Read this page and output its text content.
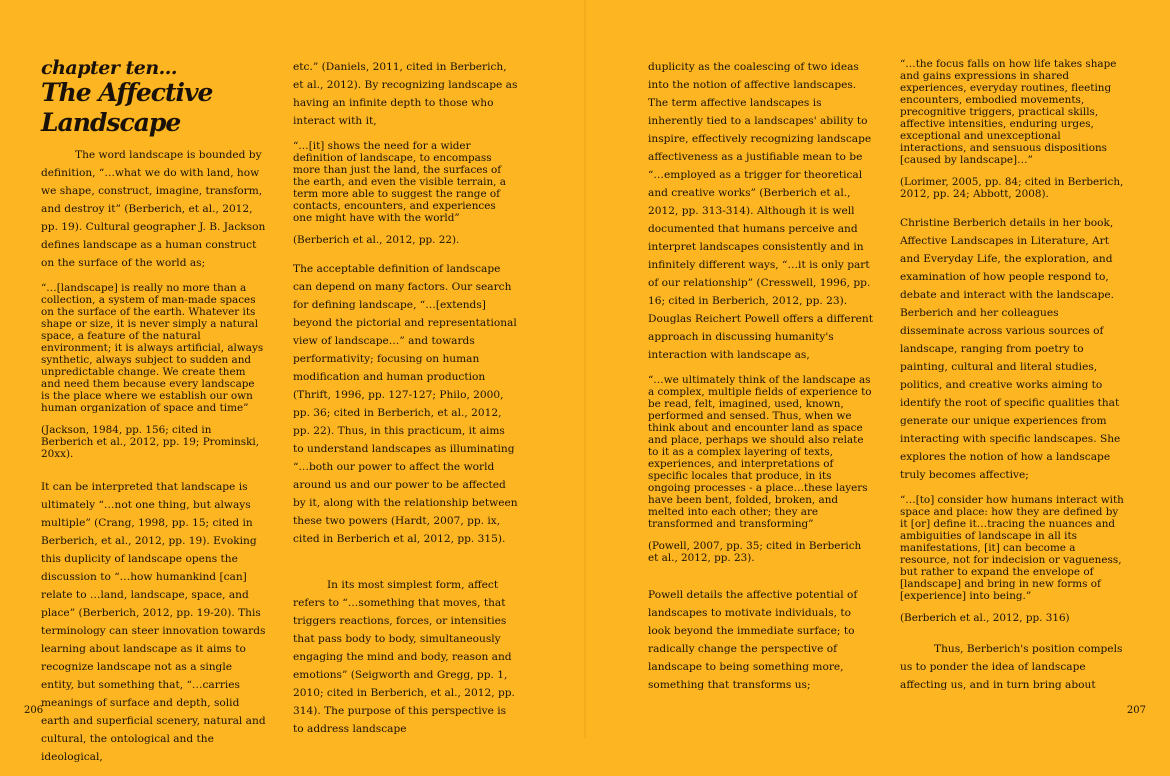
chapter ten...
The Affective Landscape

The word landscape is bounded by definition, “…what we do with land, how we shape, construct, imagine, transform, and destroy it” (Berberich, et al., 2012, pp. 19). Cultural geographer J. B. Jackson defines landscape as a human construct on the surface of the world as;

“…[landscape] is really no more than a collection, a system of man-made spaces on the surface of the earth. Whatever its shape or size, it is never simply a natural space, a feature of the natural environment; it is always artificial, always synthetic, always subject to sudden and unpredictable change. We create them and need them because every landscape is the place where we establish our own human organization of space and time”

(Jackson, 1984, pp. 156; cited in Berberich et al., 2012, pp. 19; Prominski, 20xx).

It can be interpreted that landscape is ultimately “…not one thing, but always multiple” (Crang, 1998, pp. 15; cited in Berberich, et al., 2012, pp. 19). Evoking this duplicity of landscape opens the discussion to “…how humankind [can] relate to …land, landscape, space, and place” (Berberich, 2012, pp. 19-20). This terminology can steer innovation towards learning about landscape as it aims to recognize landscape not as a single entity, but something that, “…carries meanings of surface and depth, solid earth and superficial scenery, natural and cultural, the ontological and the ideological,

etc.” (Daniels, 2011, cited in Berberich, et al., 2012). By recognizing landscape as having an infinite depth to those who interact with it,

“…[it] shows the need for a wider definition of landscape, to encompass more than just the land, the surfaces of the earth, and even the visible terrain, a term more able to suggest the range of contacts, encounters, and experiences one might have with the world”

(Berberich et al., 2012, pp. 22).

The acceptable definition of landscape can depend on many factors. Our search for defining landscape, “…[extends] beyond the pictorial and representational view of landscape…” and towards performativity; focusing on human modification and human production (Thrift, 1996, pp. 127-127; Philo, 2000, pp. 36; cited in Berberich, et al., 2012, pp. 22). Thus, in this practicum, it aims to understand landscapes as illuminating “…both our power to affect the world around us and our power to be affected by it, along with the relationship between these two powers (Hardt, 2007, pp. ix, cited in Berberich et al, 2012, pp. 315).

In its most simplest form, affect refers to “…something that moves, that triggers reactions, forces, or intensities that pass body to body, simultaneously engaging the mind and body, reason and emotions” (Seigworth and Gregg, pp. 1, 2010; cited in Berberich, et al., 2012, pp. 314). The purpose of this perspective is to address landscape

206

duplicity as the coalescing of two ideas into the notion of affective landscapes. The term affective landscapes is inherently tied to a landscapes' ability to inspire, effectively recognizing landscape affectiveness as a justifiable mean to be “…employed as a trigger for theoretical and creative works” (Berberich et al., 2012, pp. 313-314). Although it is well documented that humans perceive and interpret landscapes consistently and in infinitely different ways, “…it is only part of our relationship” (Cresswell, 1996, pp. 16; cited in Berberich, 2012, pp. 23). Douglas Reichert Powell offers a different approach in discussing humanity's interaction with landscape as,

“…we ultimately think of the landscape as a complex, multiple fields of experience to be read, felt, imagined, used, known, performed and sensed. Thus, when we think about and encounter land as space and place, perhaps we should also relate to it as a complex layering of texts, experiences, and interpretations of specific locales that produce, in its ongoing processes - a place…these layers have been bent, folded, broken, and melted into each other; they are transformed and transforming”

(Powell, 2007, pp. 35; cited in Berberich et al., 2012, pp. 23).

Powell details the affective potential of landscapes to motivate individuals, to look beyond the immediate surface; to radically change the perspective of landscape to being something more, something that transforms us;

“…the focus falls on how life takes shape and gains expressions in shared experiences, everyday routines, fleeting encounters, embodied movements, precognitive triggers, practical skills, affective intensities, enduring urges, exceptional and unexceptional interactions, and sensuous dispositions [caused by landscape]…”

(Lorimer, 2005, pp. 84; cited in Berberich, 2012, pp. 24; Abbott, 2008).

Christine Berberich details in her book, Affective Landscapes in Literature, Art and Everyday Life, the exploration, and examination of how people respond to, debate and interact with the landscape. Berberich and her colleagues disseminate across various sources of landscape, ranging from poetry to painting, cultural and literal studies, politics, and creative works aiming to identify the root of specific qualities that generate our unique experiences from interacting with specific landscapes. She explores the notion of how a landscape truly becomes affective;

“…[to] consider how humans interact with space and place: how they are defined by it [or] define it…tracing the nuances and ambiguities of landscape in all its manifestations, [it] can become a resource, not for indecision or vagueness, but rather to expand the envelope of [landscape] and bring in new forms of [experience] into being.”

(Berberich et al., 2012, pp. 316)

Thus, Berberich's position compels us to ponder the idea of landscape affecting us, and in turn bring about

207
